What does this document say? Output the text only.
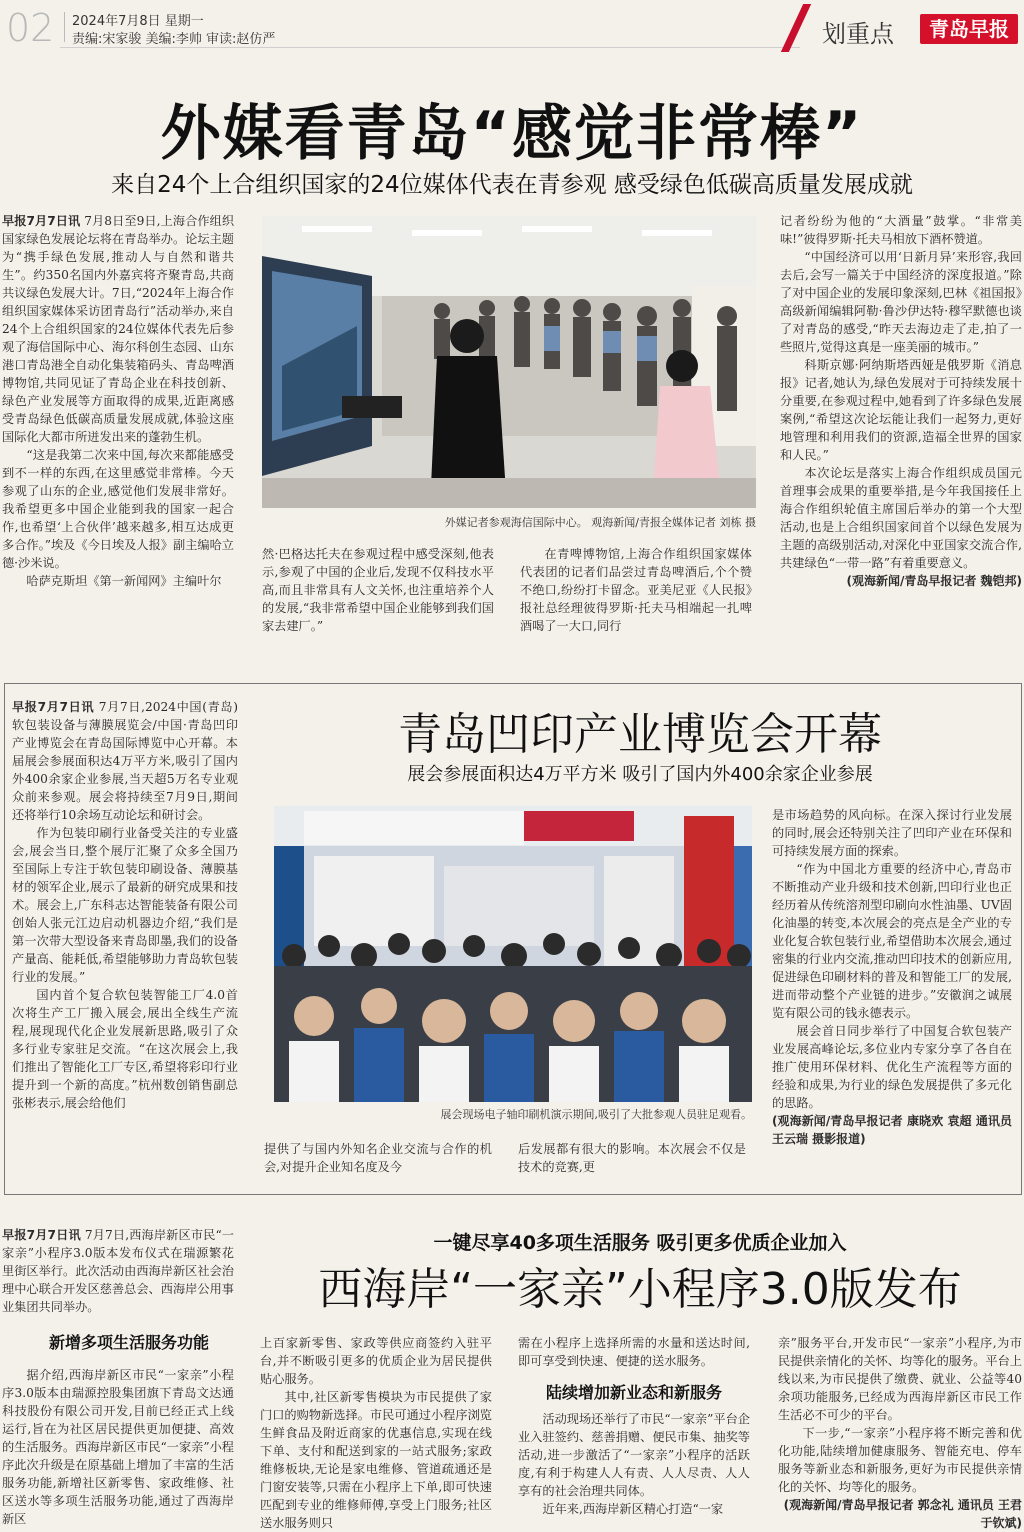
02 2024年7月8日 星期一
责编:宋家骏 美编:李帅 审读:赵仿严	划重点	青岛早报
外媒看青岛“感觉非常棒”
来自24个上合组织国家的24位媒体代表在青参观 感受绿色低碳高质量发展成就

早报7月7日讯 7月8日至9日,上海合作组织国家绿色发展论坛将在青岛举办。论坛主题为“携手绿色发展,推动人与自然和谐共生”。约350名国内外嘉宾将齐聚青岛,共商共议绿色发展大计。7日,“2024年上海合作组织国家媒体采访团青岛行”活动举办,来自24个上合组织国家的24位媒体代表先后参观了海信国际中心、海尔科创生态园、山东港口青岛港全自动化集装箱码头、青岛啤酒博物馆,共同见证了青岛企业在科技创新、绿色产业发展等方面取得的成果,近距离感受青岛绿色低碳高质量发展成就,体验这座国际化大都市所迸发出来的蓬勃生机。

“这是我第二次来中国,每次来都能感受到不一样的东西,在这里感觉非常棒。今天参观了山东的企业,感觉他们发展非常好。我希望更多中国企业能到我的国家一起合作,也希望‘上合伙伴’越来越多,相互达成更多合作。”埃及《今日埃及人报》副主编哈立德·沙米说。

哈萨克斯坦《第一新闻网》主编叶尔

外媒记者参观海信国际中心。 观海新闻/青报全媒体记者 刘栋 摄

然·巴格达托夫在参观过程中感受深刻,他表示,参观了中国的企业后,发现不仅科技水平高,而且非常具有人文关怀,也注重培养个人的发展,“我非常希望中国企业能够到我们国家去建厂。”

在青啤博物馆,上海合作组织国家媒体代表团的记者们品尝过青岛啤酒后,个个赞不绝口,纷纷打卡留念。亚美尼亚《人民报》报社总经理彼得罗斯·托夫马相端起一扎啤酒喝了一大口,同行

记者纷纷为他的“大酒量”鼓掌。“非常美味!”彼得罗斯·托夫马相放下酒杯赞道。

“中国经济可以用‘日新月异’来形容,我回去后,会写一篇关于中国经济的深度报道。”除了对中国企业的发展印象深刻,巴林《祖国报》高级新闻编辑阿勒·鲁沙伊达特·穆罕默德也谈了对青岛的感受,“昨天去海边走了走,拍了一些照片,觉得这真是一座美丽的城市。”

科斯京娜·阿纳斯塔西娅是俄罗斯《消息报》记者,她认为,绿色发展对于可持续发展十分重要,在参观过程中,她看到了许多绿色发展案例,“希望这次论坛能让我们一起努力,更好地管理和利用我们的资源,造福全世界的国家和人民。”

本次论坛是落实上海合作组织成员国元首理事会成果的重要举措,是今年我国接任上海合作组织轮值主席国后举办的第一个大型活动,也是上合组织国家间首个以绿色发展为主题的高级别活动,对深化中亚国家交流合作,共建绿色“一带一路”有着重要意义。

(观海新闻/青岛早报记者 魏铠邦)

青岛凹印产业博览会开幕
展会参展面积达4万平方米 吸引了国内外400余家企业参展

早报7月7日讯 7月7日,2024中国(青岛)软包装设备与薄膜展览会/中国·青岛凹印产业博览会在青岛国际博览中心开幕。本届展会参展面积达4万平方米,吸引了国内外400余家企业参展,当天超5万名专业观众前来参观。展会将持续至7月9日,期间还将举行10余场互动论坛和研讨会。

作为包装印刷行业备受关注的专业盛会,展会当日,整个展厅汇聚了众多全国乃至国际上专注于软包装印刷设备、薄膜基材的领军企业,展示了最新的研究成果和技术。展会上,广东科志达智能装备有限公司创始人张元江边启动机器边介绍,“我们是第一次带大型设备来青岛即墨,我们的设备产量高、能耗低,希望能够助力青岛软包装行业的发展。”

国内首个复合软包装智能工厂4.0首次将生产工厂搬入展会,展出全线生产流程,展现现代化企业发展新思路,吸引了众多行业专家驻足交流。“在这次展会上,我们推出了智能化工厂专区,希望将彩印行业提升到一个新的高度。”杭州数创销售副总张彬表示,展会给他们

展会现场电子轴印刷机演示期间,吸引了大批参观人员驻足观看。

提供了与国内外知名企业交流与合作的机会,对提升企业知名度及今

后发展都有很大的影响。本次展会不仅是技术的竞赛,更

是市场趋势的风向标。在深入探讨行业发展的同时,展会还特别关注了凹印产业在环保和可持续发展方面的探索。

“作为中国北方重要的经济中心,青岛市不断推动产业升级和技术创新,凹印行业也正经历着从传统溶剂型印刷向水性油墨、UV固化油墨的转变,本次展会的亮点是全产业的专业化复合软包装行业,希望借助本次展会,通过密集的行业内交流,推动凹印技术的创新应用,促进绿色印刷材料的普及和智能工厂的发展,进而带动整个产业链的进步。”安徽润之诚展览有限公司的钱永德表示。

展会首日同步举行了中国复合软包装产业发展高峰论坛,多位业内专家分享了各自在推广使用环保材料、优化生产流程等方面的经验和成果,为行业的绿色发展提供了多元化的思路。

(观海新闻/青岛早报记者 康晓欢 袁超 通讯员 王云瑞 摄影报道)

一键尽享40多项生活服务 吸引更多优质企业加入
西海岸“一家亲”小程序3.0版发布

早报7月7日讯 7月7日,西海岸新区市民“一家亲”小程序3.0版本发布仪式在瑞源繁花里街区举行。此次活动由西海岸新区社会治理中心联合开发区慈善总会、西海岸公用事业集团共同举办。

新增多项生活服务功能

据介绍,西海岸新区市民“一家亲”小程序3.0版本由瑞源控股集团旗下青岛文达通科技股份有限公司开发,目前已经正式上线运行,旨在为社区居民提供更加便捷、高效的生活服务。西海岸新区市民“一家亲”小程序此次升级是在原基础上增加了丰富的生活服务功能,新增社区新零售、家政维修、社区送水等多项生活服务功能,通过了西海岸新区

上百家新零售、家政等供应商签约入驻平台,并不断吸引更多的优质企业为居民提供贴心服务。

其中,社区新零售模块为市民提供了家门口的购物新选择。市民可通过小程序浏览生鲜食品及附近商家的优惠信息,实现在线下单、支付和配送到家的一站式服务;家政维修板块,无论是家电维修、管道疏通还是门窗安装等,只需在小程序上下单,即可快速匹配到专业的维修师傅,享受上门服务;社区送水服务则只

需在小程序上选择所需的水量和送达时间,即可享受到快速、便捷的送水服务。

陆续增加新业态和新服务

活动现场还举行了市民“一家亲”平台企业入驻签约、慈善捐赠、便民市集、抽奖等活动,进一步激活了“一家亲”小程序的活跃度,有利于构建人人有责、人人尽责、人人享有的社会治理共同体。

近年来,西海岸新区精心打造“一家

亲”服务平台,开发市民“一家亲”小程序,为市民提供亲情化的关怀、均等化的服务。平台上线以来,为市民提供了缴费、就业、公益等40余项功能服务,已经成为西海岸新区市民工作生活必不可少的平台。

下一步,“一家亲”小程序将不断完善和优化功能,陆续增加健康服务、智能充电、停车服务等新业态和新服务,更好为市民提供亲情化的关怀、均等化的服务。

(观海新闻/青岛早报记者 郭念礼 通讯员 王君 于钦斌)
